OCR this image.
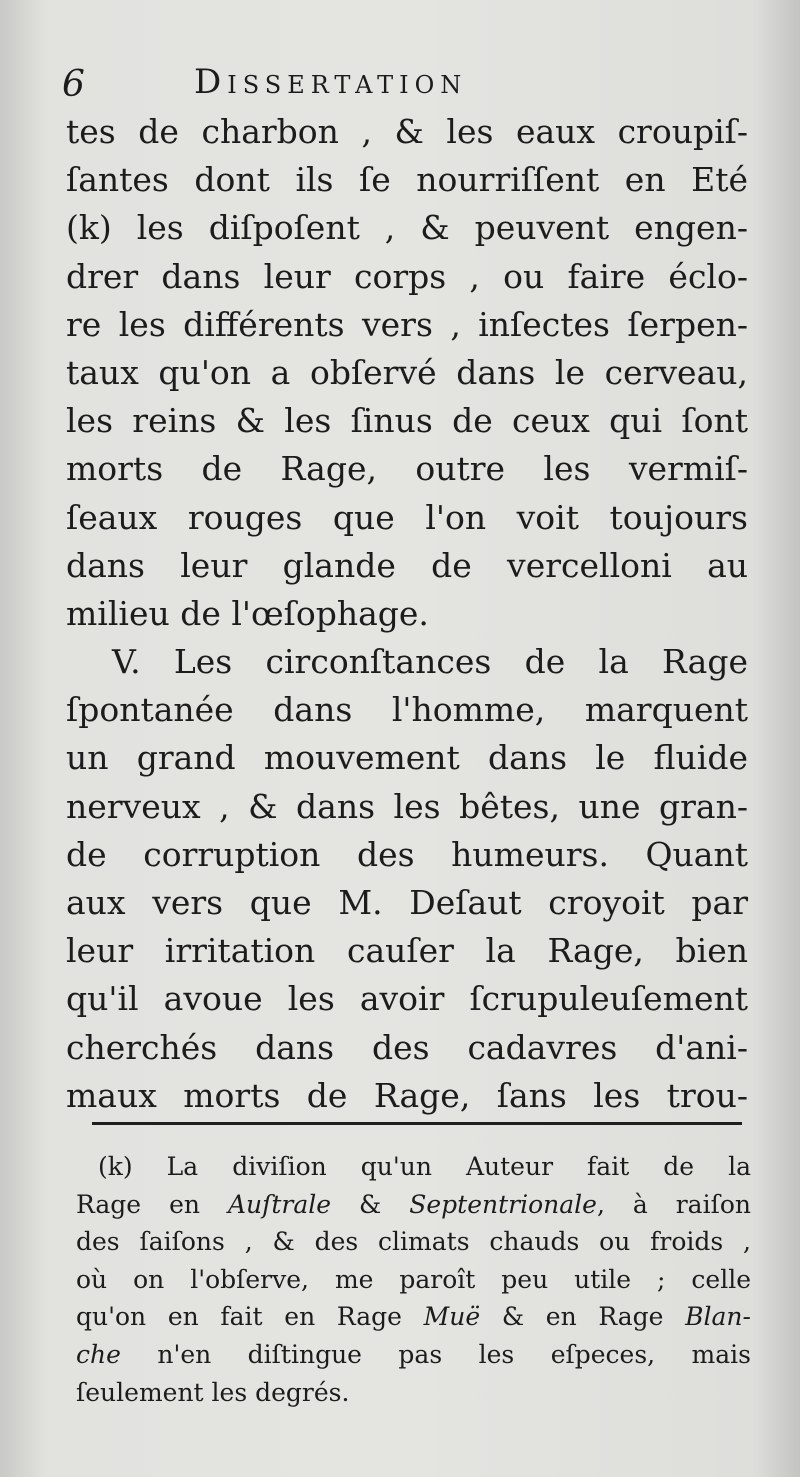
6	Dissertation
tes de charbon , & les eaux croupiſ-
ſantes dont ils ſe nourriſſent en Eté
(k) les diſpoſent , & peuvent engen-
drer dans leur corps , ou faire éclo-
re les différents vers , inſectes ſerpen-
taux qu'on a obſervé dans le cerveau,
les reins & les ſinus de ceux qui ſont
morts de Rage, outre les vermiſ-
ſeaux rouges que l'on voit toujours
dans leur glande de vercelloni au
milieu de l'œſophage.
V. Les circonſtances de la Rage
ſpontanée dans l'homme, marquent
un grand mouvement dans le fluide
nerveux , & dans les bêtes, une gran-
de corruption des humeurs. Quant
aux vers que M. Deſaut croyoit par
leur irritation cauſer la Rage, bien
qu'il avoue les avoir ſcrupuleuſement
cherchés dans des cadavres d'ani-
maux morts de Rage, ſans les trou-
(k) La diviſion qu'un Auteur fait de la
Rage en Auſtrale & Septentrionale, à raiſon
des ſaiſons , & des climats chauds ou froids ,
où on l'obſerve, me paroît peu utile ; celle
qu'on en fait en Rage Muë & en Rage Blan-
che n'en diſtingue pas les eſpeces, mais
ſeulement les degrés.
